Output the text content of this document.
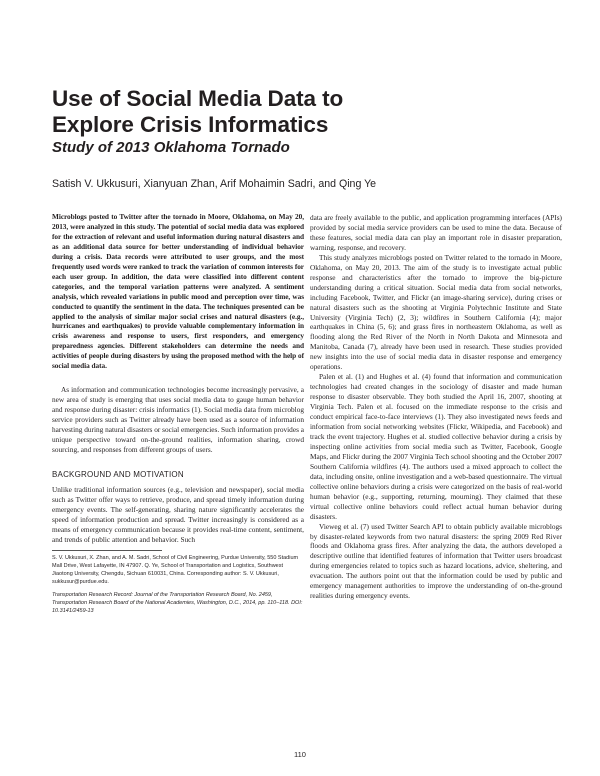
Use of Social Media Data to
Explore Crisis Informatics
Study of 2013 Oklahoma Tornado
Satish V. Ukkusuri, Xianyuan Zhan, Arif Mohaimin Sadri, and Qing Ye

Microblogs posted to Twitter after the tornado in Moore, Oklahoma, on May 20, 2013, were analyzed in this study. The potential of social media data was explored for the extraction of relevant and useful information during natural disasters and as an additional data source for better understanding of individual behavior during a crisis. Data records were attributed to user groups, and the most frequently used words were ranked to track the variation of common interests for each user group. In addition, the data were classified into different content categories, and the temporal variation patterns were analyzed. A sentiment analysis, which revealed variations in public mood and perception over time, was conducted to quantify the sentiment in the data. The techniques presented can be applied to the analysis of similar major social crises and natural disasters (e.g., hurricanes and earthquakes) to provide valuable complementary information in crisis awareness and response to users, first responders, and emergency preparedness agencies. Different stakeholders can determine the needs and activities of people during disasters by using the proposed method with the help of social media data.

As information and communication technologies become increasingly pervasive, a new area of study is emerging that uses social media data to gauge human behavior and response during disaster: crisis informatics (1). Social media data from microblog service providers such as Twitter already have been used as a source of information harvesting during natural disasters or social emergencies. Such information provides a unique perspective toward on-the-ground realities, information sharing, crowd sourcing, and responses from different groups of users.

BACKGROUND AND MOTIVATION

Unlike traditional information sources (e.g., television and newspaper), social media such as Twitter offer ways to retrieve, produce, and spread timely information during emergency events. The self-generating, sharing nature significantly accelerates the speed of information production and spread. Twitter increasingly is considered as a means of emergency communication because it provides real-time content, sentiment, and trends of public attention and behavior. Such

S. V. Ukkusuri, X. Zhan, and A. M. Sadri, School of Civil Engineering, Purdue University, 550 Stadium Mall Drive, West Lafayette, IN 47907. Q. Ye, School of Transportation and Logistics, Southwest Jiaotong University, Chengdu, Sichuan 610031, China. Corresponding author: S. V. Ukkusuri, sukkusur@purdue.edu.
Transportation Research Record: Journal of the Transportation Research Board, No. 2459, Transportation Research Board of the National Academies, Washington, D.C., 2014, pp. 110–118. DOI: 10.3141/2459-13

data are freely available to the public, and application programming interfaces (APIs) provided by social media service providers can be used to mine the data. Because of these features, social media data can play an important role in disaster preparation, warning, response, and recovery.

This study analyzes microblogs posted on Twitter related to the tornado in Moore, Oklahoma, on May 20, 2013. The aim of the study is to investigate actual public response and characteristics after the tornado to improve the big-picture understanding during a critical situation. Social media data from social networks, including Facebook, Twitter, and Flickr (an image-sharing service), during crises or natural disasters such as the shooting at Virginia Polytechnic Institute and State University (Virginia Tech) (2, 3); wildfires in Southern California (4); major earthquakes in China (5, 6); and grass fires in northeastern Oklahoma, as well as flooding along the Red River of the North in North Dakota and Minnesota and Manitoba, Canada (7), already have been used in research. These studies provided new insights into the use of social media data in disaster response and emergency operations.

Palen et al. (1) and Hughes et al. (4) found that information and communication technologies had created changes in the sociology of disaster and made human response to disaster observable. They both studied the April 16, 2007, shooting at Virginia Tech. Palen et al. focused on the immediate response to the crisis and conduct empirical face-to-face interviews (1). They also investigated news feeds and information from social networking websites (Flickr, Wikipedia, and Facebook) and track the event trajectory. Hughes et al. studied collective behavior during a crisis by inspecting online activities from social media such as Twitter, Facebook, Google Maps, and Flickr during the 2007 Virginia Tech school shooting and the October 2007 Southern California wildfires (4). The authors used a mixed approach to collect the data, including onsite, online investigation and a web-based questionnaire. The virtual collective online behaviors during a crisis were categorized on the basis of real-world human behavior (e.g., supporting, returning, mourning). They claimed that these virtual collective online behaviors could reflect actual human behavior during disasters.

Vieweg et al. (7) used Twitter Search API to obtain publicly available microblogs by disaster-related keywords from two natural disasters: the spring 2009 Red River floods and Oklahoma grass fires. After analyzing the data, the authors developed a descriptive outline that identified features of information that Twitter users broadcast during emergencies related to topics such as hazard locations, advice, sheltering, and evacuation. The authors point out that the information could be used by public and emergency management authorities to improve the understanding of on-the-ground realities during emergency events.

110
